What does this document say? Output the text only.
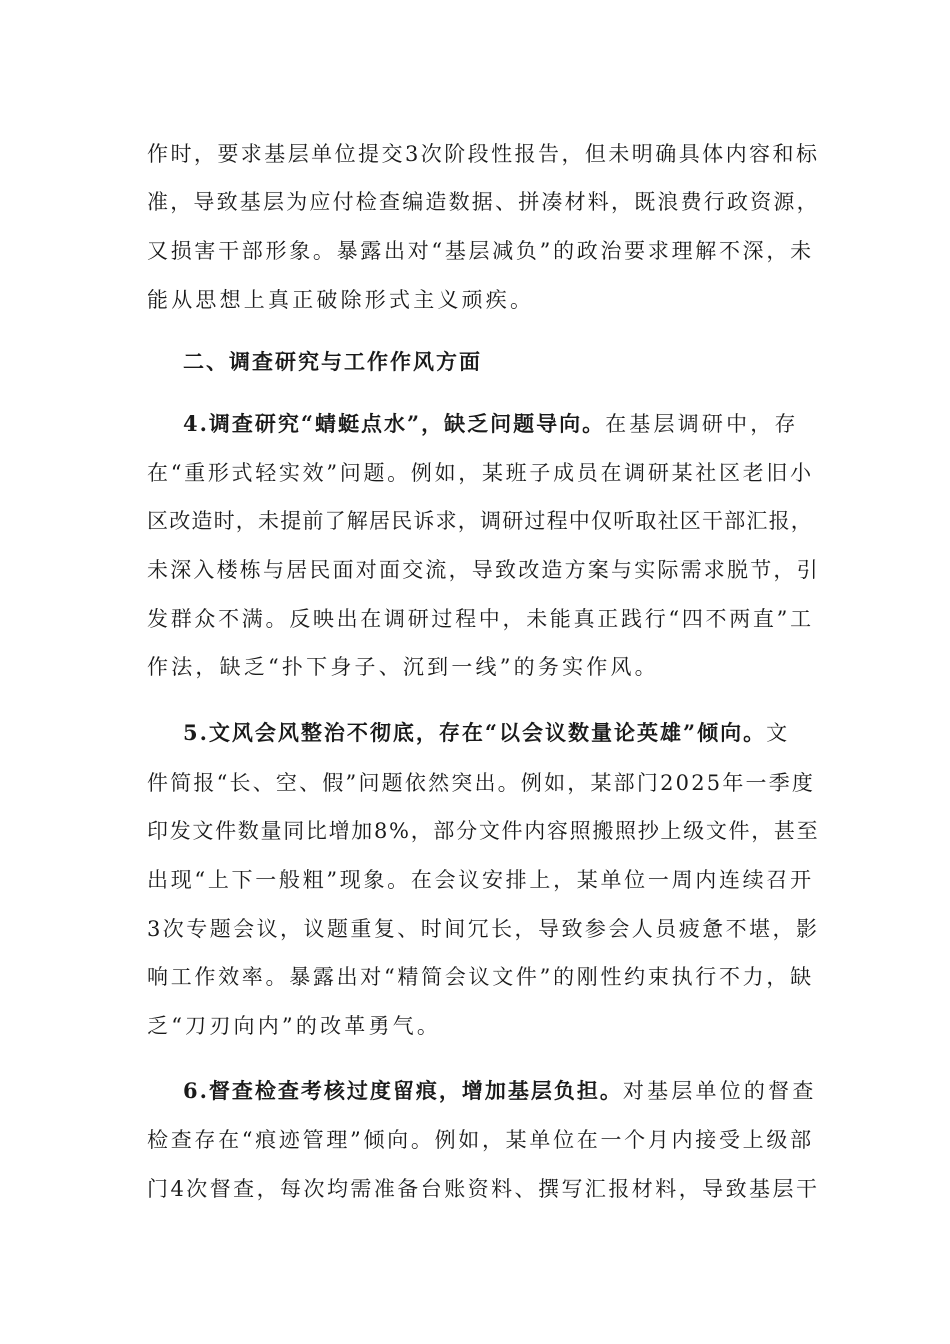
作时，要求基层单位提交3次阶段性报告，但未明确具体内容和标
准，导致基层为应付检查编造数据、拼凑材料，既浪费行政资源，
又损害干部形象。暴露出对“基层减负”的政治要求理解不深，未
能从思想上真正破除形式主义顽疾。
二、调查研究与工作作风方面
4.调查研究“蜻蜓点水”，缺乏问题导向。在基层调研中，存
在“重形式轻实效”问题。例如，某班子成员在调研某社区老旧小
区改造时，未提前了解居民诉求，调研过程中仅听取社区干部汇报，
未深入楼栋与居民面对面交流，导致改造方案与实际需求脱节，引
发群众不满。反映出在调研过程中，未能真正践行“四不两直”工
作法，缺乏“扑下身子、沉到一线”的务实作风。
5.文风会风整治不彻底，存在“以会议数量论英雄”倾向。文
件简报“长、空、假”问题依然突出。例如，某部门2025年一季度
印发文件数量同比增加8%，部分文件内容照搬照抄上级文件，甚至
出现“上下一般粗”现象。在会议安排上，某单位一周内连续召开
3次专题会议，议题重复、时间冗长，导致参会人员疲惫不堪，影
响工作效率。暴露出对“精简会议文件”的刚性约束执行不力，缺
乏“刀刃向内”的改革勇气。
6.督查检查考核过度留痕，增加基层负担。对基层单位的督查
检查存在“痕迹管理”倾向。例如，某单位在一个月内接受上级部
门4次督查，每次均需准备台账资料、撰写汇报材料，导致基层干
